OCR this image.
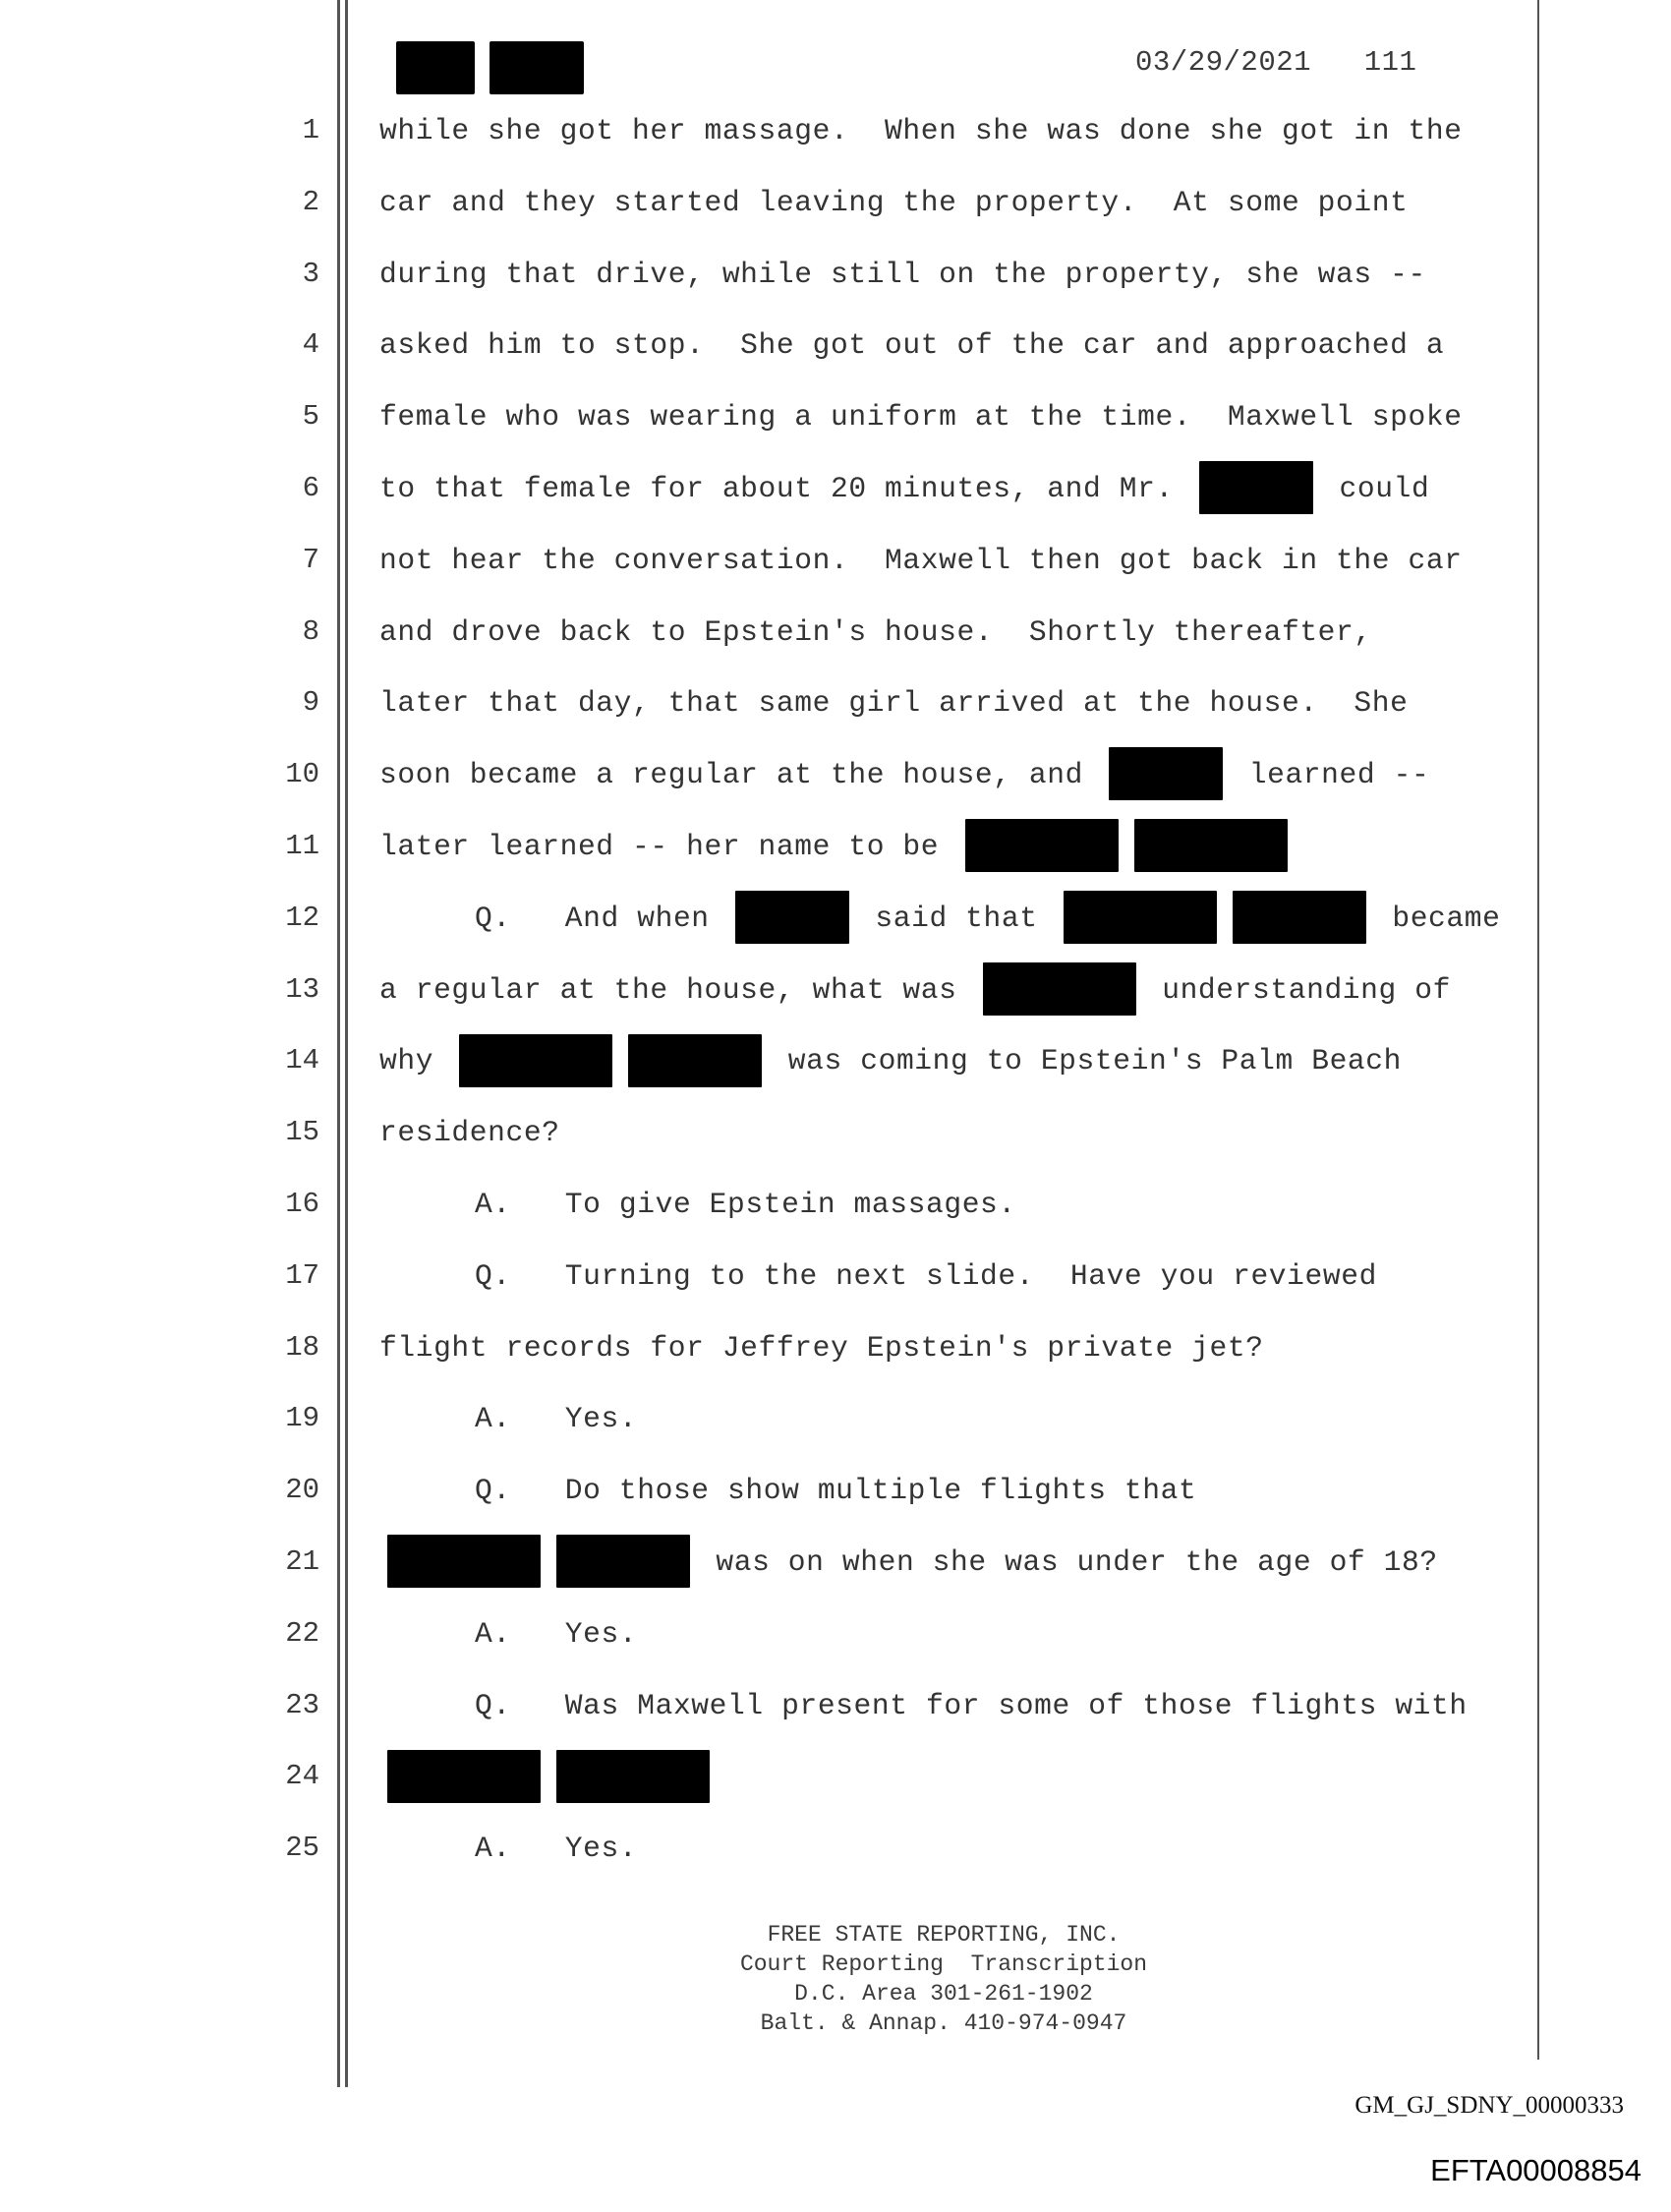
03/29/2021 111
1 while she got her massage.  When she was done she got in the
2 car and they started leaving the property.  At some point
3 during that drive, while still on the property, she was --
4 asked him to stop.  She got out of the car and approached a
5 female who was wearing a uniform at the time.  Maxwell spoke
6 to that female for about 20 minutes, and Mr.	could
7 not hear the conversation.  Maxwell then got back in the car
8 and drove back to Epstein's house.  Shortly thereafter,
9 later that day, that same girl arrived at the house.  She
10 soon became a regular at the house, and	learned --
11 later learned -- her name to be
12	Q.   And when	said that	became
13 a regular at the house, what was	understanding of
14 why	was coming to Epstein's Palm Beach
15 residence?
16	A.   To give Epstein massages.
17	Q.   Turning to the next slide.  Have you reviewed
18 flight records for Jeffrey Epstein's private jet?
19	A.   Yes.
20	Q.   Do those show multiple flights that
21	was on when she was under the age of 18?
22	A.   Yes.
23	Q.   Was Maxwell present for some of those flights with
24
25	A.   Yes.
FREE STATE REPORTING, INC.
Court Reporting  Transcription
D.C. Area 301-261-1902
Balt. & Annap. 410-974-0947
GM_GJ_SDNY_00000333
EFTA00008854
